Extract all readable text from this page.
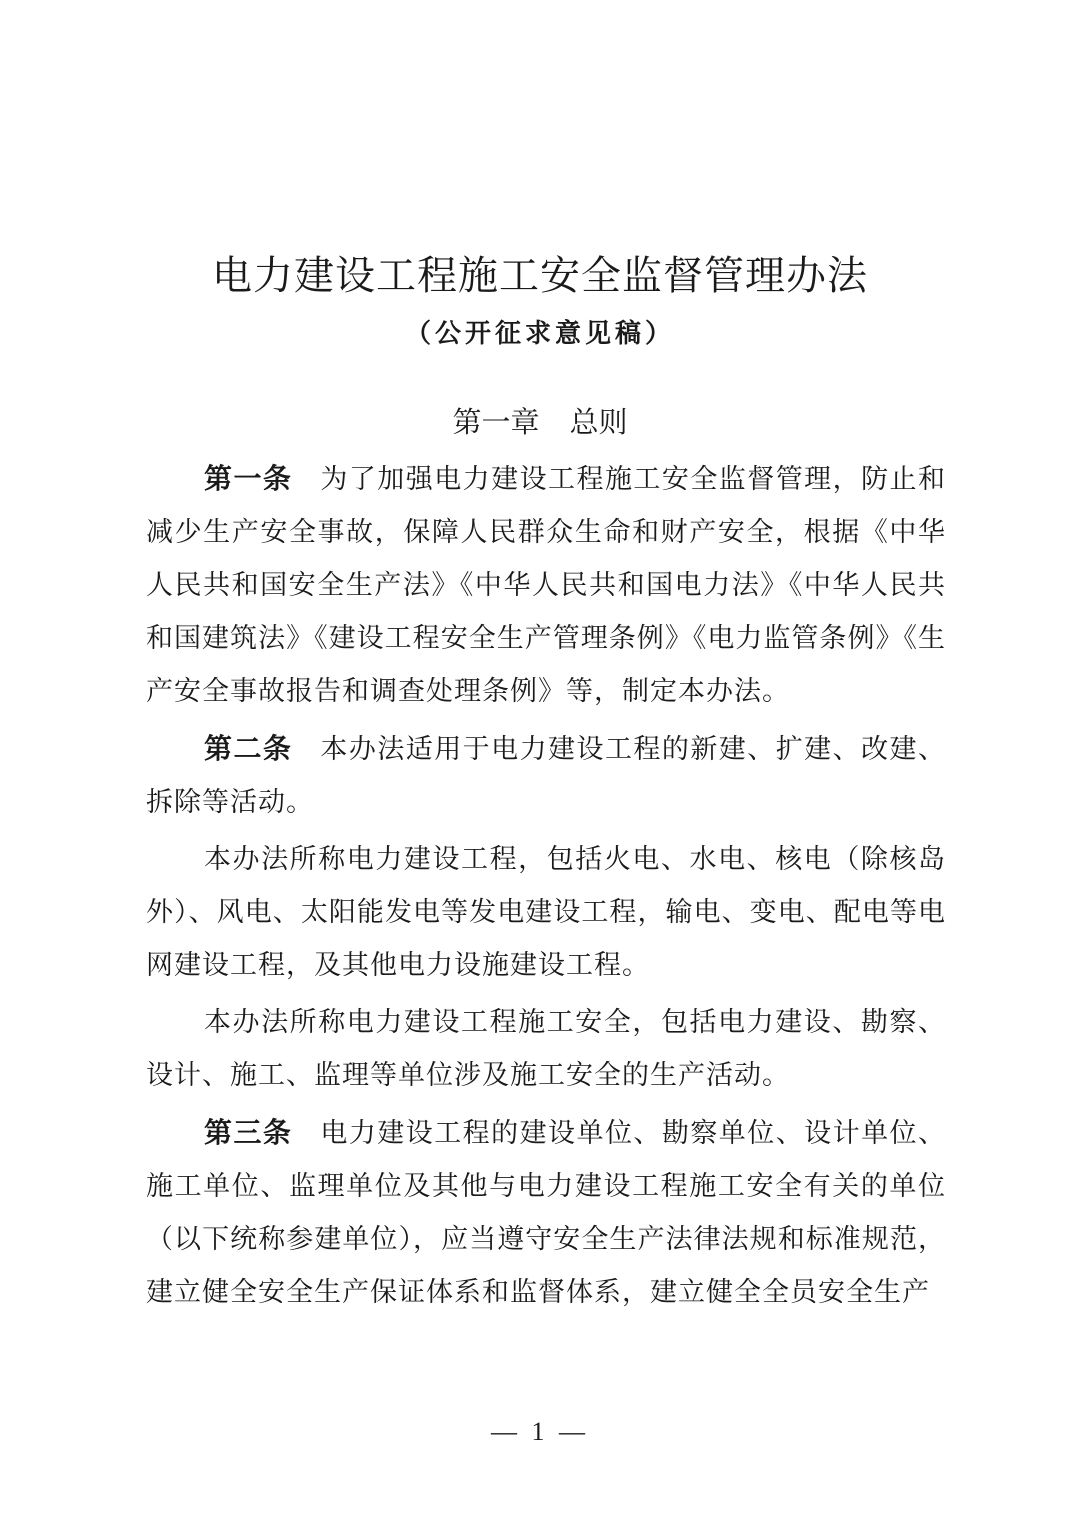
电力建设工程施工安全监督管理办法
（公开征求意见稿）
第一章 总则

第一条 为了加强电力建设工程施工安全监督管理，防止和减少生产安全事故，保障人民群众生命和财产安全，根据《中华人民共和国安全生产法》《中华人民共和国电力法》《中华人民共和国建筑法》《建设工程安全生产管理条例》《电力监管条例》《生产安全事故报告和调查处理条例》等，制定本办法。

第二条 本办法适用于电力建设工程的新建、扩建、改建、拆除等活动。

本办法所称电力建设工程，包括火电、水电、核电（除核岛外）、风电、太阳能发电等发电建设工程，输电、变电、配电等电网建设工程，及其他电力设施建设工程。

本办法所称电力建设工程施工安全，包括电力建设、勘察、设计、施工、监理等单位涉及施工安全的生产活动。

第三条 电力建设工程的建设单位、勘察单位、设计单位、施工单位、监理单位及其他与电力建设工程施工安全有关的单位（以下统称参建单位），应当遵守安全生产法律法规和标准规范，建立健全安全生产保证体系和监督体系，建立健全全员安全生产

— 1 —
